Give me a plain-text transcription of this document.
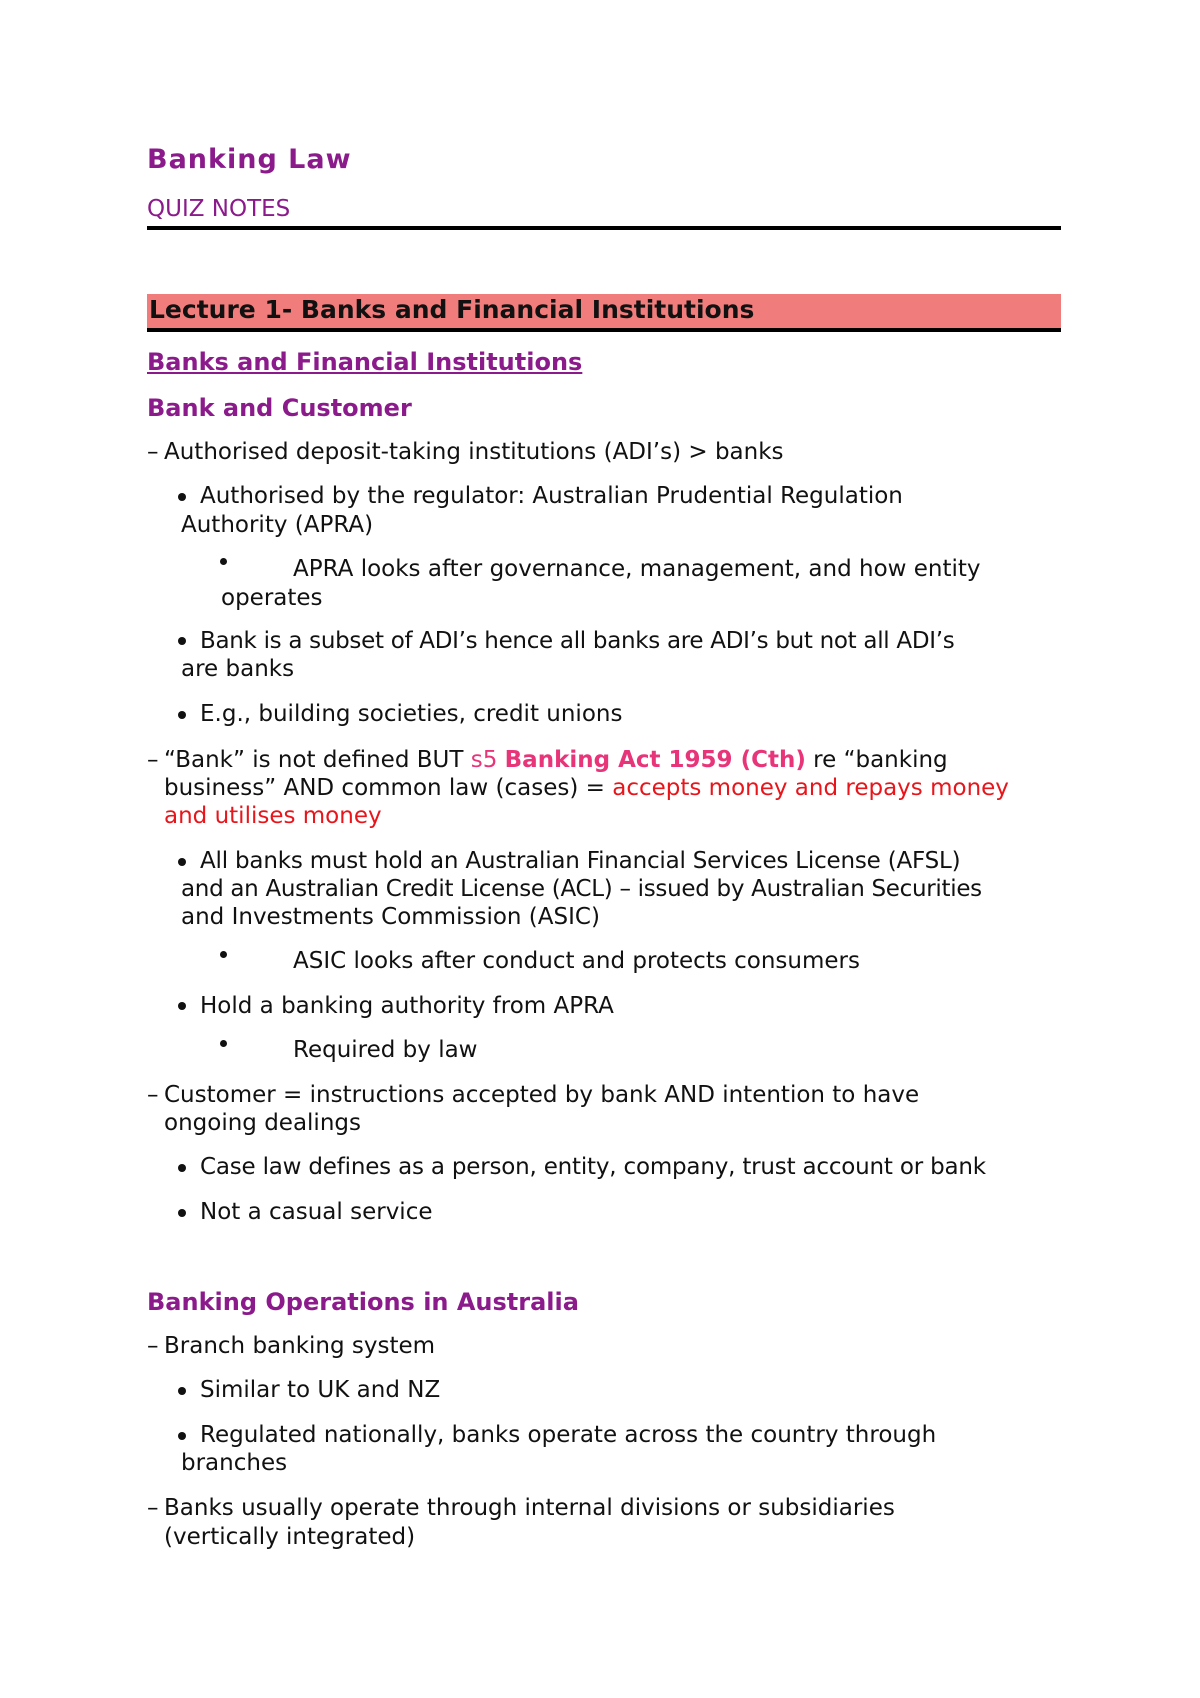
Banking Law
QUIZ NOTES
Lecture 1- Banks and Financial Institutions
Banks and Financial Institutions
Bank and Customer
– Authorised deposit-taking institutions (ADI’s) > banks
Authorised by the regulator: Australian Prudential Regulation
Authority (APRA)
APRA looks after governance, management, and how entity
operates
Bank is a subset of ADI’s hence all banks are ADI’s but not all ADI’s
are banks
E.g., building societies, credit unions
– “Bank” is not defined BUT s5 Banking Act 1959 (Cth) re “banking
business” AND common law (cases) = accepts money and repays money
and utilises money
All banks must hold an Australian Financial Services License (AFSL)
and an Australian Credit License (ACL) – issued by Australian Securities
and Investments Commission (ASIC)
ASIC looks after conduct and protects consumers
Hold a banking authority from APRA
Required by law
– Customer = instructions accepted by bank AND intention to have
ongoing dealings
Case law defines as a person, entity, company, trust account or bank
Not a casual service
Banking Operations in Australia
– Branch banking system
Similar to UK and NZ
Regulated nationally, banks operate across the country through
branches
– Banks usually operate through internal divisions or subsidiaries
(vertically integrated)
